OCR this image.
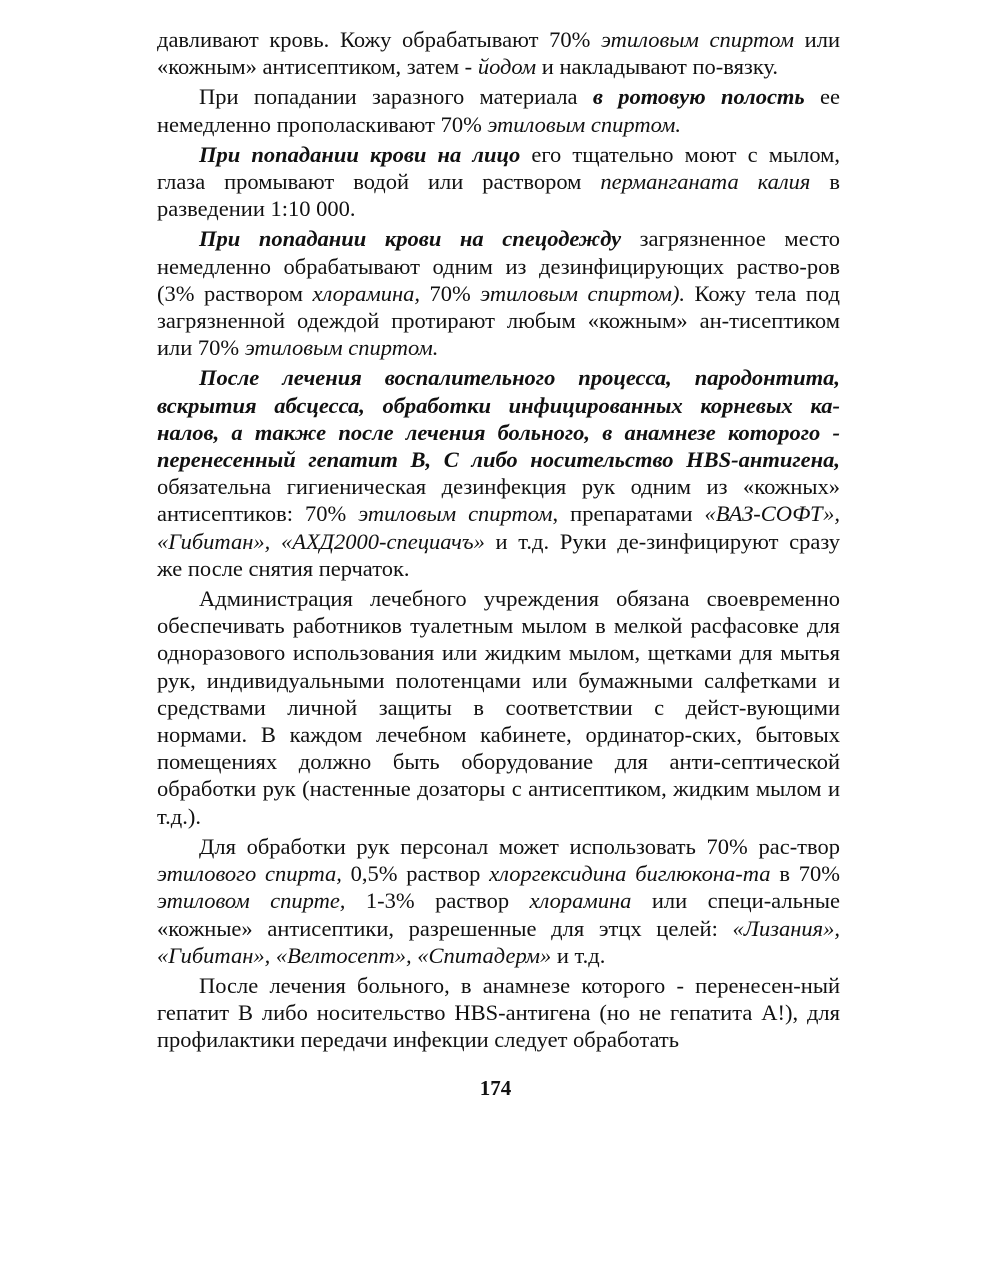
давливают кровь. Кожу обрабатывают 70% этиловым спиртом или «кожным» антисептиком, затем - йодом и накладывают по-вязку.

При попадании заразного материала в ротовую полость ее немедленно прополаскивают 70% этиловым спиртом.

При попадании крови на лицо его тщательно моют с мылом, глаза промывают водой или раствором перманганата калия в разведении 1:10 000.

При попадании крови на спецодежду загрязненное место немедленно обрабатывают одним из дезинфицирующих раство-ров (3% раствором хлорамина, 70% этиловым спиртом). Кожу тела под загрязненной одеждой протирают любым «кожным» ан-тисептиком или 70% этиловым спиртом.

После лечения воспалительного процесса, пародонтита, вскрытия абсцесса, обработки инфицированных корневых ка-налов, а также после лечения больного, в анамнезе которого - перенесенный гепатит В, С либо носительство HBS-антигена, обязательна гигиеническая дезинфекция рук одним из «кожных» антисептиков: 70% этиловым спиртом, препаратами «ВАЗ-СОФТ», «Гибитан», «АХД2000-специачъ» и т.д. Руки де-зинфицируют сразу же после снятия перчаток.

Администрация лечебного учреждения обязана своевременно обеспечивать работников туалетным мылом в мелкой расфасовке для одноразового использования или жидким мылом, щетками для мытья рук, индивидуальными полотенцами или бумажными салфетками и средствами личной защиты в соответствии с дейст-вующими нормами. В каждом лечебном кабинете, ординатор-ских, бытовых помещениях должно быть оборудование для анти-септической обработки рук (настенные дозаторы с антисептиком, жидким мылом и т.д.).

Для обработки рук персонал может использовать 70% рас-твор этилового спирта, 0,5% раствор хлоргексидина биглюкона-та в 70% этиловом спирте, 1-3% раствор хлорамина или специ-альные «кожные» антисептики, разрешенные для этцх целей: «Лизания», «Гибитан», «Велтосепт», «Спитадерм» и т.д.

После лечения больного, в анамнезе которого - перенесен-ный гепатит В либо носительство HBS-антигена (но не гепатита А!), для профилактики передачи инфекции следует обработать

174
